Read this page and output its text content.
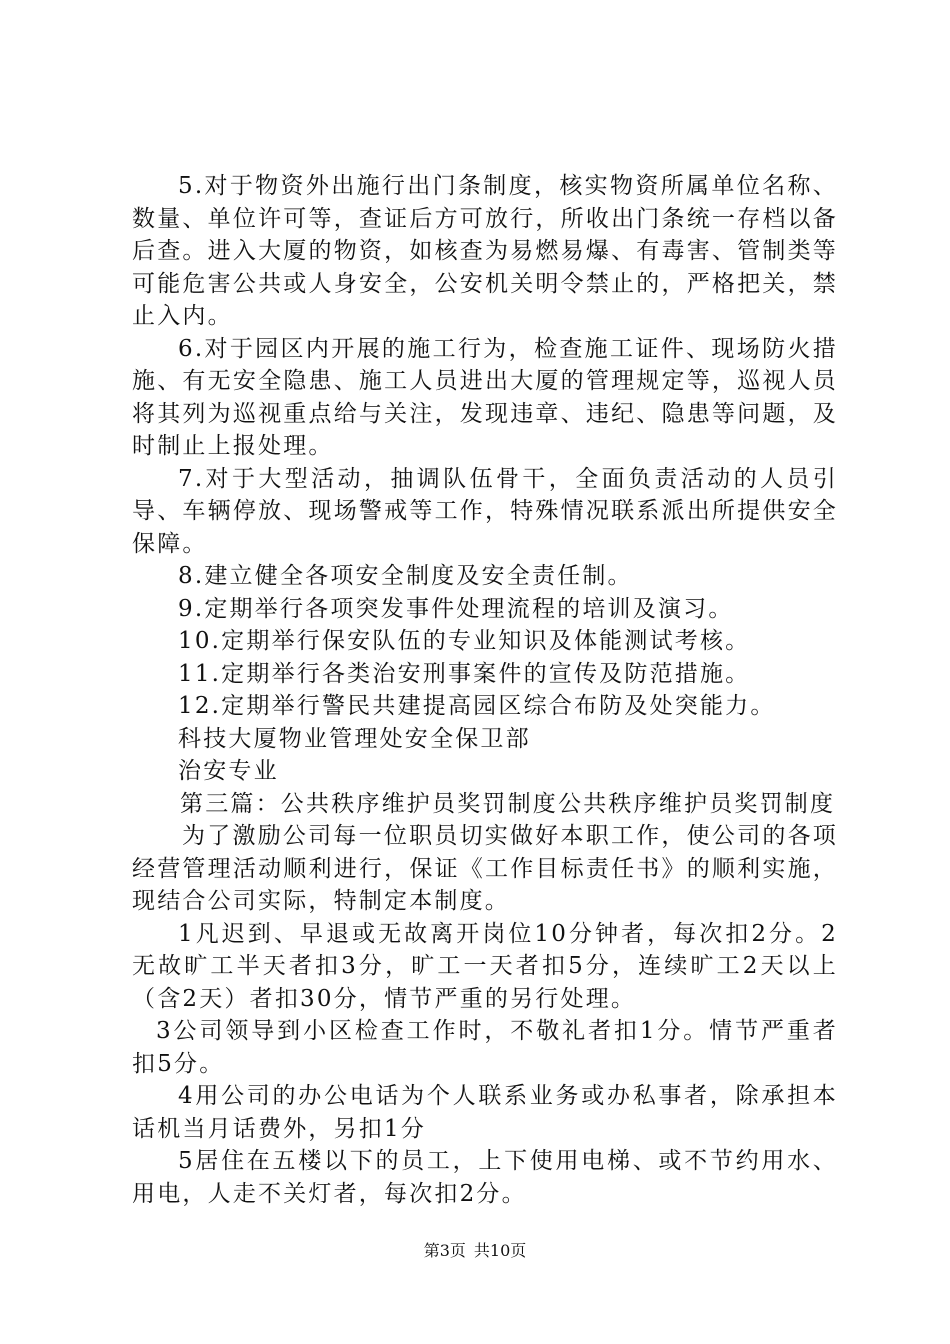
5.对于物资外出施行出门条制度，核实物资所属单位名称、数量、单位许可等，查证后方可放行，所收出门条统一存档以备后查。进入大厦的物资，如核查为易燃易爆、有毒害、管制类等可能危害公共或人身安全，公安机关明令禁止的，严格把关，禁止入内。

6.对于园区内开展的施工行为，检查施工证件、现场防火措施、有无安全隐患、施工人员进出大厦的管理规定等，巡视人员将其列为巡视重点给与关注，发现违章、违纪、隐患等问题，及时制止上报处理。

7.对于大型活动，抽调队伍骨干，全面负责活动的人员引导、车辆停放、现场警戒等工作，特殊情况联系派出所提供安全保障。

8.建立健全各项安全制度及安全责任制。

9.定期举行各项突发事件处理流程的培训及演习。

10.定期举行保安队伍的专业知识及体能测试考核。

11.定期举行各类治安刑事案件的宣传及防范措施。

12.定期举行警民共建提高园区综合布防及处突能力。

科技大厦物业管理处安全保卫部

治安专业

第三篇：公共秩序维护员奖罚制度公共秩序维护员奖罚制度

为了激励公司每一位职员切实做好本职工作，使公司的各项经营管理活动顺利进行，保证《工作目标责任书》的顺利实施，现结合公司实际，特制定本制度。

1凡迟到、早退或无故离开岗位10分钟者，每次扣2分。2无故旷工半天者扣3分，旷工一天者扣5分，连续旷工2天以上（含2天）者扣30分，情节严重的另行处理。

3公司领导到小区检查工作时，不敬礼者扣1分。情节严重者扣5分。

4用公司的办公电话为个人联系业务或办私事者，除承担本话机当月话费外，另扣1分

5居住在五楼以下的员工，上下使用电梯、或不节约用水、用电，人走不关灯者，每次扣2分。

第3页 共10页
